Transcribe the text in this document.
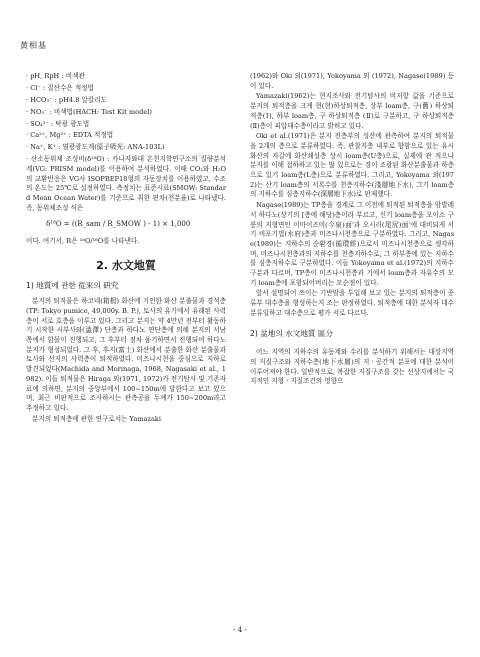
黃相基
· pH, RpH : 비색관
· Cl⁻ : 질산수은 적정법
· HCO₃⁻ : pH4.8 알칼리도
· NO₃⁻ : 비색법(HACH: Test Kit model)
· SO₄²⁻ : 탁광 광도법
· Ca²⁺, Mg²⁺ : EDTA 적정법
· Na⁺, K⁺ : 염광광도계(原子吸光: ANA-103L)

· 산소동위체 조성비(δ¹⁸O) : 카나자와대 온천지학연구소의 질량분석계(VG: PRISM model)를 이용하여 분석하였다. 이때 CO₂와 H₂O의 교환반응은 VG사 ISOPREP18형의 자동장치를 이용하였고, 수조의 온도는 25℃로 설정하였다. 측정치는 표준시료(SMOW: Standard Mean Ocean Water)를 기준으로 취한 편차(천분율)로 나타냈다. 즉, 동위체조성 식은

δ¹⁸O = ((R_sam / R_SMOW ) - 1) × 1,000

이다. 여기서, R은 ¹⁸O/¹⁶O를 나타낸다.

2. 水文地質
1) 地質에 관한 從來의 硏究

분지의 퇴적물은 하코네(箱根) 화산에 기인한 화산 분출물과 경석층(TP: Tokyo pumice, 49,000y. B. P.), 토사의 유기에서 유래된 사력층이 서로 호층을 이루고 있다. 그리고 분지는 약 4만년 전부터 활동하기 시작한 시부사와(澁澤) 단층과 하다노 연단층에 의해 분지의 서남쪽에서 함몰이 진행되고, 그 후부터 점차 융기하면서 진행되어 하다노 분지가 형성되었다. 그 후, 후지(富士) 화산에서 분출한 화산 분출물과 토사와 산지의 사력층이 퇴적하였다. 미즈나시천을 중심으로 지하로 발견되었다(Machida and Morinaga, 1968, Nagasaki et al., 1982). 이들 퇴적물은 Hiraga 외(1971, 1972)가 전기탐사 및 기존자료에 의하면, 분지의 중앙부에서 100~150m에 달한다고 보고 있으며, 최근 비판적으로 조사하시는 관측공을 두께가 150~200m라고 추정하고 있다.

분지의 퇴적층에 관한 연구로서는 Yamazaki

(1962)와 Oki 외(1971), Yokoyama 외 (1972), Nagase(1989) 등이 있다.

Yamazaki(1962)는 현지조사와 전기탐사의 비저항 값을 기준으로 분지의 퇴적층을 크게 현(현)하상퇴적층, 상부 loam층, 구(舊) 하상퇴적층(Ⅰ), 하부 loam층, 구 하상퇴적층 (Ⅱ)로 구분하고, 구 하상퇴적층(Ⅱ)층이 피압대수층이라고 밝히고 있다.

Oki et al.(1971)은 분지 전층부의 성산에 관측하여 분지의 퇴적물을 2개의 층으로 분류하였다. 즉, 관찰지층 내부로 향함으로 있는 유시 화산의 자갈에 화산쇄설층 상시 loam층(U층)으로, 실제에 관 적으나 분지를 이해 접하하고 있는 많 있으로는 경이 조광된 화산분출물과 하층으로 있기 loam층(L층)으로 분류하였다. 그리고, Yokoyama 외(1972)는 산기 loam층의 서록수를 천층지하수(淺層地下水), 그기 loam층의 지하수를 심층지하수(深層地下水)로 판제했다.

Nagase(1989)는 TP층을 경계로 그 이전에 퇴적된 퇴적층을 암발레서 하다노(상기의 [층에 해당)층이라 부르고, 신기 loam층을 오이소 구릉의 지형면인 이마이즈미(今泉)面'과 오시리(尾尻)面'에 대비되게 서기 비포기법(水府)층과 미즈나시천층으로 구분하였다. 그리고, Nagase(1989)는 지하수의 순환경(循環經)으로서 미즈나시천층으로 생각하며, 미즈나시천층과의 지하수를 천층지하수로, 그 하부층에 있는 지하수를 심층지하수로 구분하였다. 이들 Yokoyama et al.(1972)의 지하수 구분과 다르며, TP층이 미즈나시천층과 기에서 loam층과 자유수의 모기 loam층에 포함되어버리는 모순점이 있다.

앞서 설명되어 쓰이는 기반암을 투입해 보고 있는 분지의 퇴적층이 종류부 대수층을 형성하는지 조는 판정하였다. 퇴적층에 대한 분석자 대수 분류일하고 대수층으로 평가 서로 다르다.

2) 盆地의 水文地質 區分

어느 지역의 지하수의 유동계와 수리를 분석하기 위해서는 대상지역의 지질구조와 지하수층(地下水層)의 지ㆍ공간적 분포에 대한 분석이 이루어져야 한다. 일반적으로, 복잡한 지질구조를 갖는 선상지에서는 국지적인 지형ㆍ지질조건의 영향으

- 4 -
